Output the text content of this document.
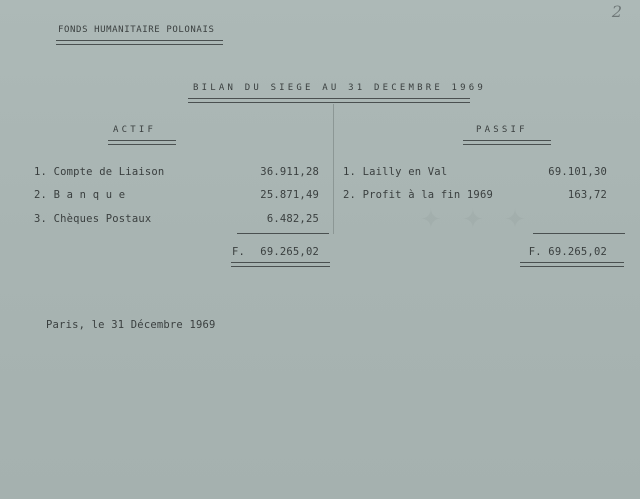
✦ ✦ ✦
2
FONDS HUMANITAIRE POLONAIS
BILAN DU SIEGE AU 31 DECEMBRE 1969
ACTIF
1. Compte de Liaison	36.911,28
2. B a n q u e	25.871,49
3. Chèques Postaux	6.482,25
F.	69.265,02
PASSIF
1. Lailly en Val	69.101,30
2. Profit à la fin 1969	163,72
F. 69.265,02
Paris, le 31 Décembre 1969
